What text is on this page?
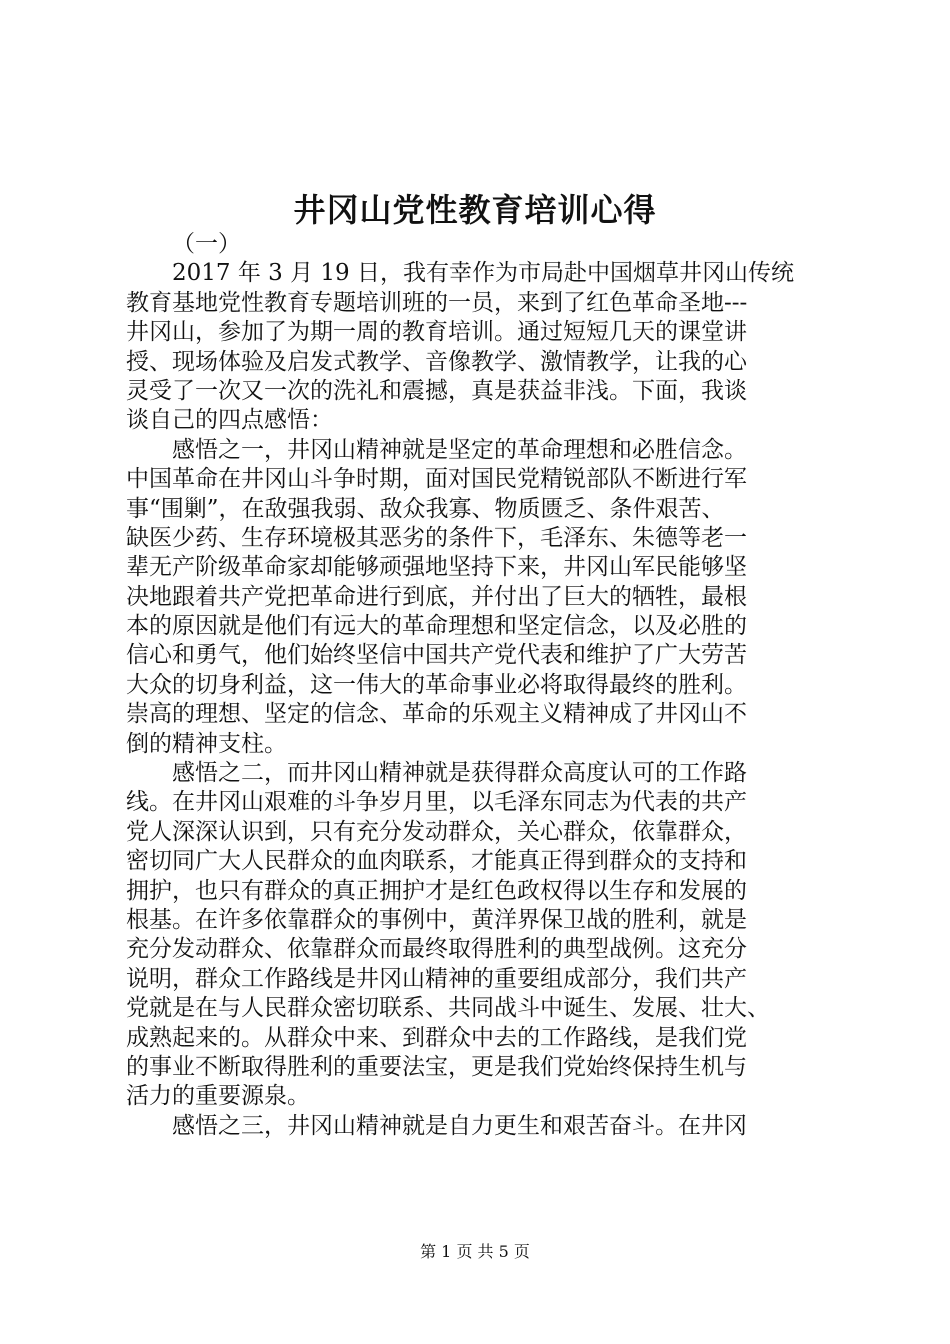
井冈山党性教育培训心得
（一）
2017 年 3 月 19 日，我有幸作为市局赴中国烟草井冈山传统
教育基地党性教育专题培训班的一员，来到了红色革命圣地---
井冈山，参加了为期一周的教育培训。通过短短几天的课堂讲
授、现场体验及启发式教学、音像教学、激情教学，让我的心
灵受了一次又一次的洗礼和震撼，真是获益非浅。下面，我谈
谈自己的四点感悟：
感悟之一，井冈山精神就是坚定的革命理想和必胜信念。
中国革命在井冈山斗争时期，面对国民党精锐部队不断进行军
事“围剿”，在敌强我弱、敌众我寡、物质匮乏、条件艰苦、
缺医少药、生存环境极其恶劣的条件下，毛泽东、朱德等老一
辈无产阶级革命家却能够顽强地坚持下来，井冈山军民能够坚
决地跟着共产党把革命进行到底，并付出了巨大的牺牲，最根
本的原因就是他们有远大的革命理想和坚定信念，以及必胜的
信心和勇气，他们始终坚信中国共产党代表和维护了广大劳苦
大众的切身利益，这一伟大的革命事业必将取得最终的胜利。
崇高的理想、坚定的信念、革命的乐观主义精神成了井冈山不
倒的精神支柱。
感悟之二，而井冈山精神就是获得群众高度认可的工作路
线。在井冈山艰难的斗争岁月里，以毛泽东同志为代表的共产
党人深深认识到，只有充分发动群众，关心群众，依靠群众，
密切同广大人民群众的血肉联系，才能真正得到群众的支持和
拥护，也只有群众的真正拥护才是红色政权得以生存和发展的
根基。在许多依靠群众的事例中，黄洋界保卫战的胜利，就是
充分发动群众、依靠群众而最终取得胜利的典型战例。这充分
说明，群众工作路线是井冈山精神的重要组成部分，我们共产
党就是在与人民群众密切联系、共同战斗中诞生、发展、壮大、
成熟起来的。从群众中来、到群众中去的工作路线，是我们党
的事业不断取得胜利的重要法宝，更是我们党始终保持生机与
活力的重要源泉。
感悟之三，井冈山精神就是自力更生和艰苦奋斗。在井冈
第 1 页 共 5 页
